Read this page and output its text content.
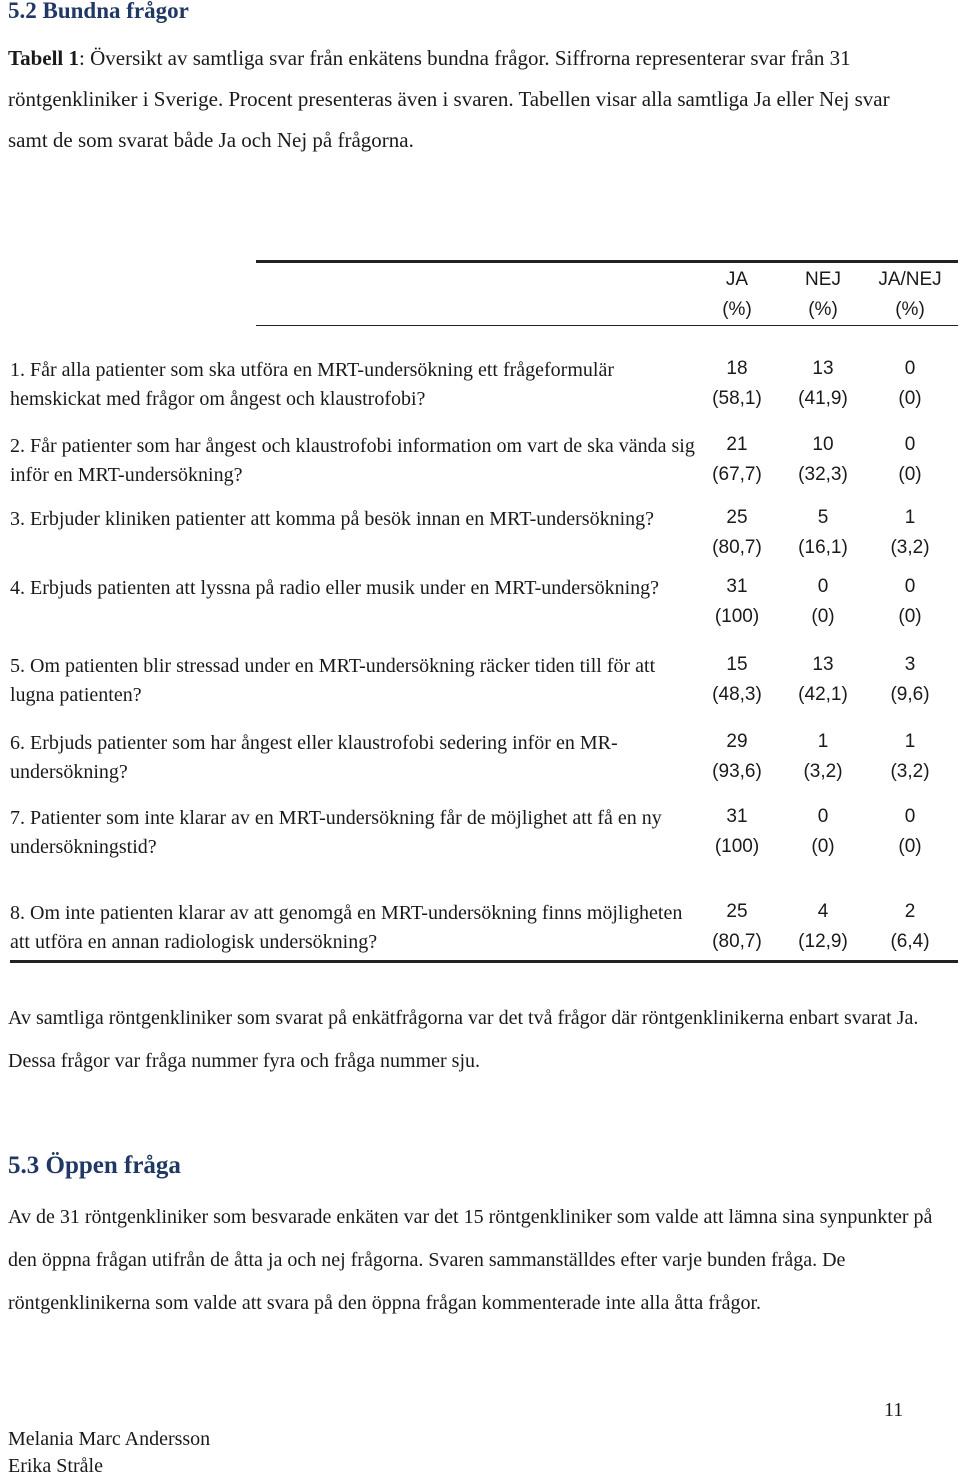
5.2 Bundna frågor
Tabell 1: Översikt av samtliga svar från enkätens bundna frågor. Siffrorna representerar svar från 31 röntgenkliniker i Sverige. Procent presenteras även i svaren. Tabellen visar alla samtliga Ja eller Nej svar samt de som svarat både Ja och Nej på frågorna.
JA
(%)
NEJ
(%)
JA/NEJ
(%)
1. Får alla patienter som ska utföra en MRT-undersökning ett frågeformulär hemskickat med frågor om ångest och klaustrofobi?
18
(58,1)
13
(41,9)
0
(0)
2. Får patienter som har ångest och klaustrofobi information om vart de ska vända sig inför en MRT-undersökning?
21
(67,7)
10
(32,3)
0
(0)
3. Erbjuder kliniken patienter att komma på besök innan en MRT-undersökning?	25
(80,7)
5
(16,1)
1
(3,2)
4. Erbjuds patienten att lyssna på radio eller musik under en MRT-undersökning?	31
(100)
0
(0)
0
(0)
5. Om patienten blir stressad under en MRT-undersökning räcker tiden till för att lugna patienten?
15
(48,3)
13
(42,1)
3
(9,6)
6. Erbjuds patienter som har ångest eller klaustrofobi sedering inför en MR-undersökning?
29
(93,6)
1
(3,2)
1
(3,2)
7. Patienter som inte klarar av en MRT-undersökning får de möjlighet att få en ny undersökningstid?
31
(100)
0
(0)
0
(0)
8. Om inte patienten klarar av att genomgå en MRT-undersökning finns möjligheten att utföra en annan radiologisk undersökning?
25
(80,7)
4
(12,9)
2
(6,4)
Av samtliga röntgenkliniker som svarat på enkätfrågorna var det två frågor där röntgenklinikerna enbart svarat Ja. Dessa frågor var fråga nummer fyra och fråga nummer sju.
5.3 Öppen fråga
Av de 31 röntgenkliniker som besvarade enkäten var det 15 röntgenkliniker som valde att lämna sina synpunkter på den öppna frågan utifrån de åtta ja och nej frågorna. Svaren sammanställdes efter varje bunden fråga. De röntgenklinikerna som valde att svara på den öppna frågan kommenterade inte alla åtta frågor.
11
Melania Marc Andersson
Erika Stråle
